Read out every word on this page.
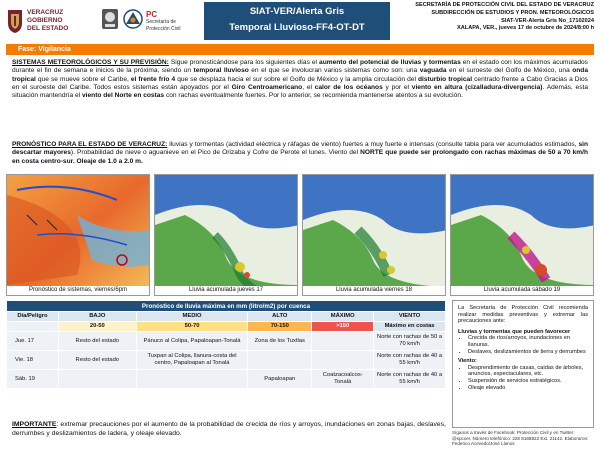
VERACRUZ
GOBIERNO
DEL ESTADO
PC
Secretaría de
Protección Civil
SIAT-VER/Alerta Gris
Temporal Lluvioso-FF4-OT-DT
SECRETARÍA DE PROTECCIÓN CIVIL DEL ESTADO DE VERACRUZ
SUBDIRECCIÓN DE ESTUDIOS Y PRON. METEOROLÓGICOS
SIAT-VER-Alerta Gris No_17102024
XALAPA, VER., jueves 17 de octubre de 2024/8:00 h
Fase: Vigilancia
SISTEMAS METEOROLÓGICOS Y SU PREVISIÓN: Sigue pronosticándose para los siguientes días el aumento del potencial de lluvias y tormentas en el estado con los máximos acumulados durante el fin de semana e inicios de la próxima, siendo un temporal lluvioso en el que se involucran varios sistemas como son: una vaguada en el suroeste del Golfo de México, una onda tropical que se mueve sobre el Caribe, el frente frío 4 que se desplaza hacia el sur sobre el Golfo de México y la amplia circulación del disturbio tropical centrado frente a Cabo Gracias a Dios en el suroeste del Caribe. Todos estos sistemas están apoyados por el Giro Centroamericano, el calor de los océanos y por el viento en altura (cizalladura-divergencia). Además, esta situación mantendría el viento del Norte en costas con rachas eventualmente fuertes. Por lo anterior, se recomienda mantenerse atentos a su evolución.
PRONÓSTICO PARA EL ESTADO DE VERACRUZ: lluvias y tormentas (actividad eléctrica y ráfagas de viento) fuertes a muy fuerte e intensas (consulte tabla para ver acumulados estimados, sin descartar mayores). Probabilidad de nieve o aguanieve en el Pico de Orizaba y Cofre de Perote el lunes. Viento del NORTE que puede ser prolongado con rachas máximas de 50 a 70 km/h en costa centro-sur. Oleaje de 1.0 a 2.0 m.
Pronóstico de sistemas, viernes/6pm	Lluvia acumulada jueves 17	Lluvia acumulada viernes 18	Lluvia acumulada sábado 19
Pronóstico de lluvia máxima en mm (litro/m2) por cuenca					
Día/Peligro	BAJO	MEDIO	ALTO	MÁXIMO	VIENTO
	20-50	50-70	70-150	>150	Máximo en costas
Jue. 17	Resto del estado	Pánuco al Colipa, Papaloapan-Tonalá	Zona de los Tuxtlas		Norte con rachas de 50 a 70 km/h
Vie. 18	Resto del estado	Tuxpan al Colipa, llanura-costa del centro, Papaloapan al Tonalá			Norte con rachas de 40 a 55 km/h
Sáb. 19			Papaloapan	Coatzacoalcos-Tonalá	Norte con rachas de 40 a 55 km/h
La Secretaría de Protección Civil recomienda realizar medidas preventivas y extremar las precauciones ante:
Lluvias y tormentas que pueden favorecer
• Crecida de ríos/arroyos, inundaciones en llanuras.
• Deslaves, deslizamientos de tierra y derrumbes
Viento:
• Desprendimiento de casas, caídas de árboles, anuncios, espectaculares, etc.
• Suspensión de servicios estratégicos.
• Oleaje elevado
Síganos a través de Facebook: Protección Civil y en Twitter: @spcver. Número telefónico: 228 8168822 Ext. 21142. Elaboraron: Federico Acevedo/José Llanos
IMPORTANTE: extremar precauciones por el aumento de la probabilidad de crecida de ríos y arroyos, inundaciones en zonas bajas, deslaves, derrumbes y deslizamientos de ladera, y oleaje elevado.
